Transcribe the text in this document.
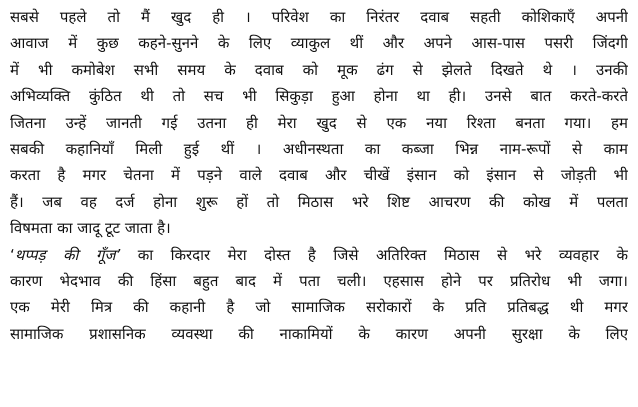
सबसे पहले तो मैं खुद ही । परिवेश का निरंतर दवाब सहती कोशिकाएँ अपनी
आवाज में कुछ कहने-सुनने के लिए व्याकुल थीं और अपने आस-पास पसरी जिंदगी
में भी कमोबेश सभी समय के दवाब को मूक ढंग से झेलते दिखते थे । उनकी
अभिव्यक्ति कुंठित थी तो सच भी सिकुड़ा हुआ होना था ही। उनसे बात करते-करते
जितना उन्हें जानती गई उतना ही मेरा खुद से एक नया रिश्ता बनता गया। हम
सबकी कहानियाँ मिली हुई थीं । अधीनस्थता का कब्जा भिन्न नाम-रूपों से काम
करता है मगर चेतना में पड़ने वाले दवाब और चीखें इंसान को इंसान से जोड़ती भी
हैं। जब वह दर्ज होना शुरू हों तो मिठास भरे शिष्ट आचरण की कोख में पलता
विषमता का जादू टूट जाता है।

‘थप्पड़ की गूँज’ का किरदार मेरा दोस्त है जिसे अतिरिक्त मिठास से भरे व्यवहार के
कारण भेदभाव की हिंसा बहुत बाद में पता चली। एहसास होने पर प्रतिरोध भी जगा।
एक मेरी मित्र की कहानी है जो सामाजिक सरोकारों के प्रति प्रतिबद्ध थी मगर
सामाजिक प्रशासनिक व्यवस्था की नाकामियों के कारण अपनी सुरक्षा के लिए
